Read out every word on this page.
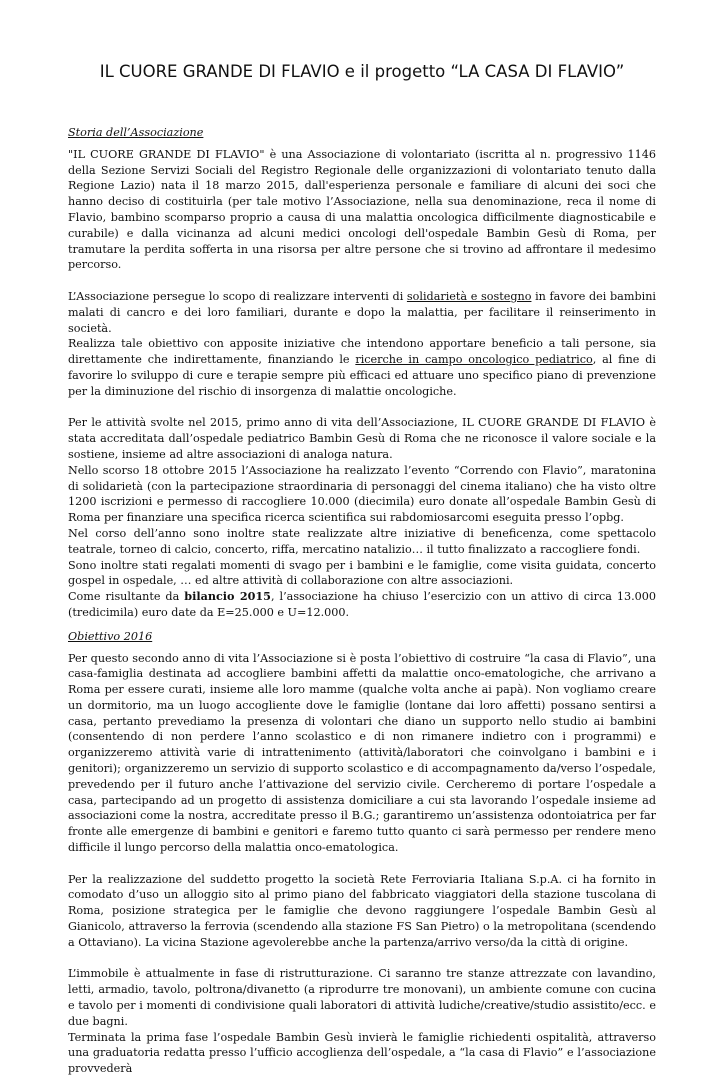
IL CUORE GRANDE DI FLAVIO e il progetto “LA CASA DI FLAVIO”
Storia dell’Associazione

"IL CUORE GRANDE DI FLAVIO" è una Associazione di volontariato (iscritta al n. progressivo 1146 della Sezione Servizi Sociali del Registro Regionale delle organizzazioni di volontariato tenuto dalla Regione Lazio) nata il 18 marzo 2015, dall'esperienza personale e familiare di alcuni dei soci che hanno deciso di costituirla (per tale motivo l’Associazione, nella sua denominazione, reca il nome di Flavio, bambino scomparso proprio a causa di una malattia oncologica difficilmente diagnosticabile e curabile) e dalla vicinanza ad alcuni medici oncologi dell'ospedale Bambin Gesù di Roma, per tramutare la perdita sofferta in una risorsa per altre persone che si trovino ad affrontare il medesimo percorso.

L’Associazione persegue lo scopo di realizzare interventi di solidarietà e sostegno in favore dei bambini malati di cancro e dei loro familiari, durante e dopo la malattia, per facilitare il reinserimento in società.

Realizza tale obiettivo con apposite iniziative che intendono apportare beneficio a tali persone, sia direttamente che indirettamente, finanziando le ricerche in campo oncologico pediatrico, al fine di favorire lo sviluppo di cure e terapie sempre più efficaci ed attuare uno specifico piano di prevenzione per la diminuzione del rischio di insorgenza di malattie oncologiche.

Per le attività svolte nel 2015, primo anno di vita dell’Associazione, IL CUORE GRANDE DI FLAVIO è stata accreditata dall’ospedale pediatrico Bambin Gesù di Roma che ne riconosce il valore sociale e la sostiene, insieme ad altre associazioni di analoga natura.

Nello scorso 18 ottobre 2015 l’Associazione ha realizzato l’evento “Correndo con Flavio”, maratonina di solidarietà (con la partecipazione straordinaria di personaggi del cinema italiano) che ha visto oltre 1200 iscrizioni e permesso di raccogliere 10.000 (diecimila) euro donate all’ospedale Bambin Gesù di Roma per finanziare una specifica ricerca scientifica sui rabdomiosarcomi eseguita presso l’opbg.

Nel corso dell’anno sono inoltre state realizzate altre iniziative di beneficenza, come spettacolo teatrale, torneo di calcio, concerto, riffa, mercatino natalizio… il tutto finalizzato a raccogliere fondi.

Sono inoltre stati regalati momenti di svago per i bambini e le famiglie, come visita guidata, concerto gospel in ospedale, … ed altre attività di collaborazione con altre associazioni.

Come risultante da bilancio 2015, l’associazione ha chiuso l’esercizio con un attivo di circa 13.000 (tredicimila) euro date da E=25.000 e U=12.000.

Obiettivo 2016

Per questo secondo anno di vita l’Associazione si è posta l’obiettivo di costruire “la casa di Flavio”, una casa-famiglia destinata ad accogliere bambini affetti da malattie onco-ematologiche, che arrivano a Roma per essere curati, insieme alle loro mamme (qualche volta anche ai papà). Non vogliamo creare un dormitorio, ma un luogo accogliente dove le famiglie (lontane dai loro affetti) possano sentirsi a casa, pertanto prevediamo la presenza di volontari che diano un supporto nello studio ai bambini (consentendo di non perdere l’anno scolastico e di non rimanere indietro con i programmi) e organizzeremo attività varie di intrattenimento (attività/laboratori che coinvolgano i bambini e i genitori); organizzeremo un servizio di supporto scolastico e di accompagnamento da/verso l’ospedale, prevedendo per il futuro anche l’attivazione del servizio civile. Cercheremo di portare l’ospedale a casa, partecipando ad un progetto di assistenza domiciliare a cui sta lavorando l’ospedale insieme ad associazioni come la nostra, accreditate presso il B.G.; garantiremo un’assistenza odontoiatrica per far fronte alle emergenze di bambini e genitori e faremo tutto quanto ci sarà permesso per rendere meno difficile il lungo percorso della malattia onco-ematologica.

Per la realizzazione del suddetto progetto la società Rete Ferroviaria Italiana S.p.A. ci ha fornito in comodato d’uso un alloggio sito al primo piano del fabbricato viaggiatori della stazione tuscolana di Roma, posizione strategica per le famiglie che devono raggiungere l’ospedale Bambin Gesù al Gianicolo, attraverso la ferrovia (scendendo alla stazione FS San Pietro) o la metropolitana (scendendo a Ottaviano). La vicina Stazione agevolerebbe anche la partenza/arrivo verso/da la città di origine.

L’immobile è attualmente in fase di ristrutturazione. Ci saranno tre stanze attrezzate con lavandino, letti, armadio, tavolo, poltrona/divanetto (a riprodurre tre monovani), un ambiente comune con cucina e tavolo per i momenti di condivisione quali laboratori di attività ludiche/creative/studio assistito/ecc. e due bagni.

Terminata la prima fase l’ospedale Bambin Gesù invierà le famiglie richiedenti ospitalità, attraverso una graduatoria redatta presso l’ufficio accoglienza dell’ospedale, a “la casa di Flavio” e l’associazione provvederà
